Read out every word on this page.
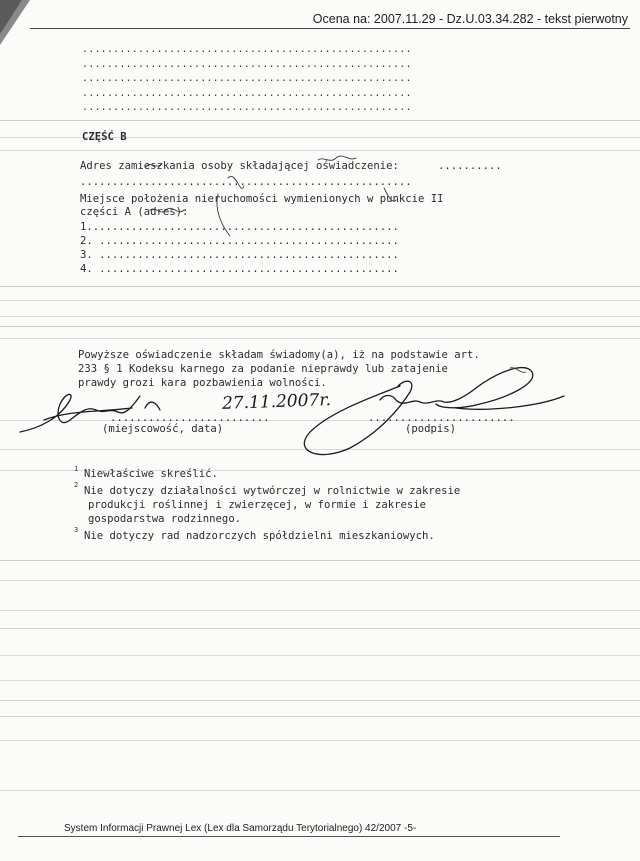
Ocena na: 2007.11.29 - Dz.U.03.34.282 - tekst pierwotny
.....................................................
.....................................................
.....................................................
.....................................................
.....................................................
CZĘŚĆ B
Adres zamieszkania osoby składającej oświadczenie:	..........
....................................................
Miejsce położenia nieruchomości wymienionych w punkcie II
części A (adres):
1.................................................
2. ...............................................
3. ...............................................
4. ...............................................
Powyższe oświadczenie składam świadomy(a), iż na podstawie art.
233 § 1 Kodeksu karnego za podanie nieprawdy lub zatajenie
prawdy grozi kara pozbawienia wolności.
.........................
(miejscowość, data)
.......................
(podpis)
27.11.2007r.
1 Niewłaściwe skreślić.
2 Nie dotyczy działalności wytwórczej w rolnictwie w zakresie
produkcji roślinnej i zwierzęcej, w formie i zakresie
gospodarstwa rodzinnego.
3 Nie dotyczy rad nadzorczych spółdzielni mieszkaniowych.
System Informacji Prawnej Lex (Lex dla Samorządu Terytorialnego) 42/2007 -5-
